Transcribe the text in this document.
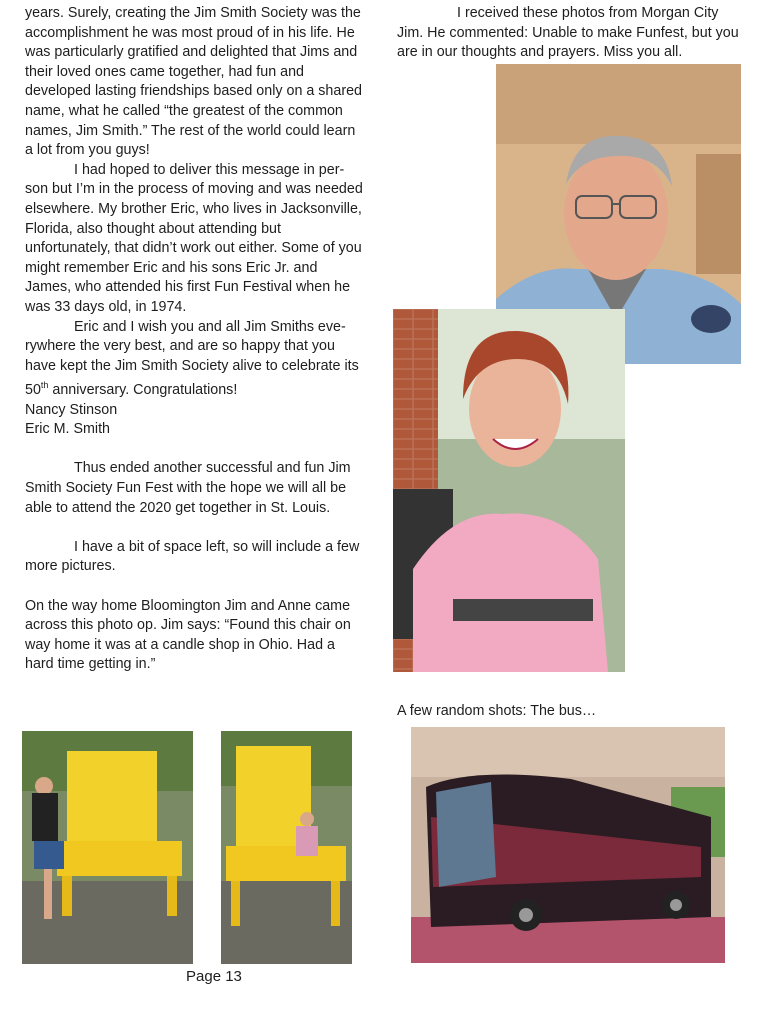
years. Surely, creating the Jim Smith Society was the accomplishment he was most proud of in his life. He was particularly gratified and delighted that Jims and their loved ones came together, had fun and developed lasting friendships based only on a shared name, what he called “the greatest of the common names, Jim Smith.” The rest of the world could learn a lot from you guys!

I had hoped to deliver this message in per-son but I’m in the process of moving and was needed elsewhere. My brother Eric, who lives in Jacksonville, Florida, also thought about attending but unfortunately, that didn’t work out either. Some of you might remember Eric and his sons Eric Jr. and James, who attended his first Fun Festival when he was 33 days old, in 1974.

Eric and I wish you and all Jim Smiths eve-rywhere the very best, and are so happy that you have kept the Jim Smith Society alive to celebrate its 50th anniversary. Congratulations!

Nancy Stinson

Eric M. Smith

Thus ended another successful and fun Jim Smith Society Fun Fest with the hope we will all be able to attend the 2020 get together in St. Louis.

I have a bit of space left, so will include a few more pictures.

On the way home Bloomington Jim and Anne came across this photo op. Jim says: “Found this chair on way home it was at a candle shop in Ohio. Had a hard time getting in.”

I received these photos from Morgan City Jim. He commented: Unable to make Funfest, but you are in our thoughts and prayers. Miss you all.

A few random shots: The bus…
Page 13
